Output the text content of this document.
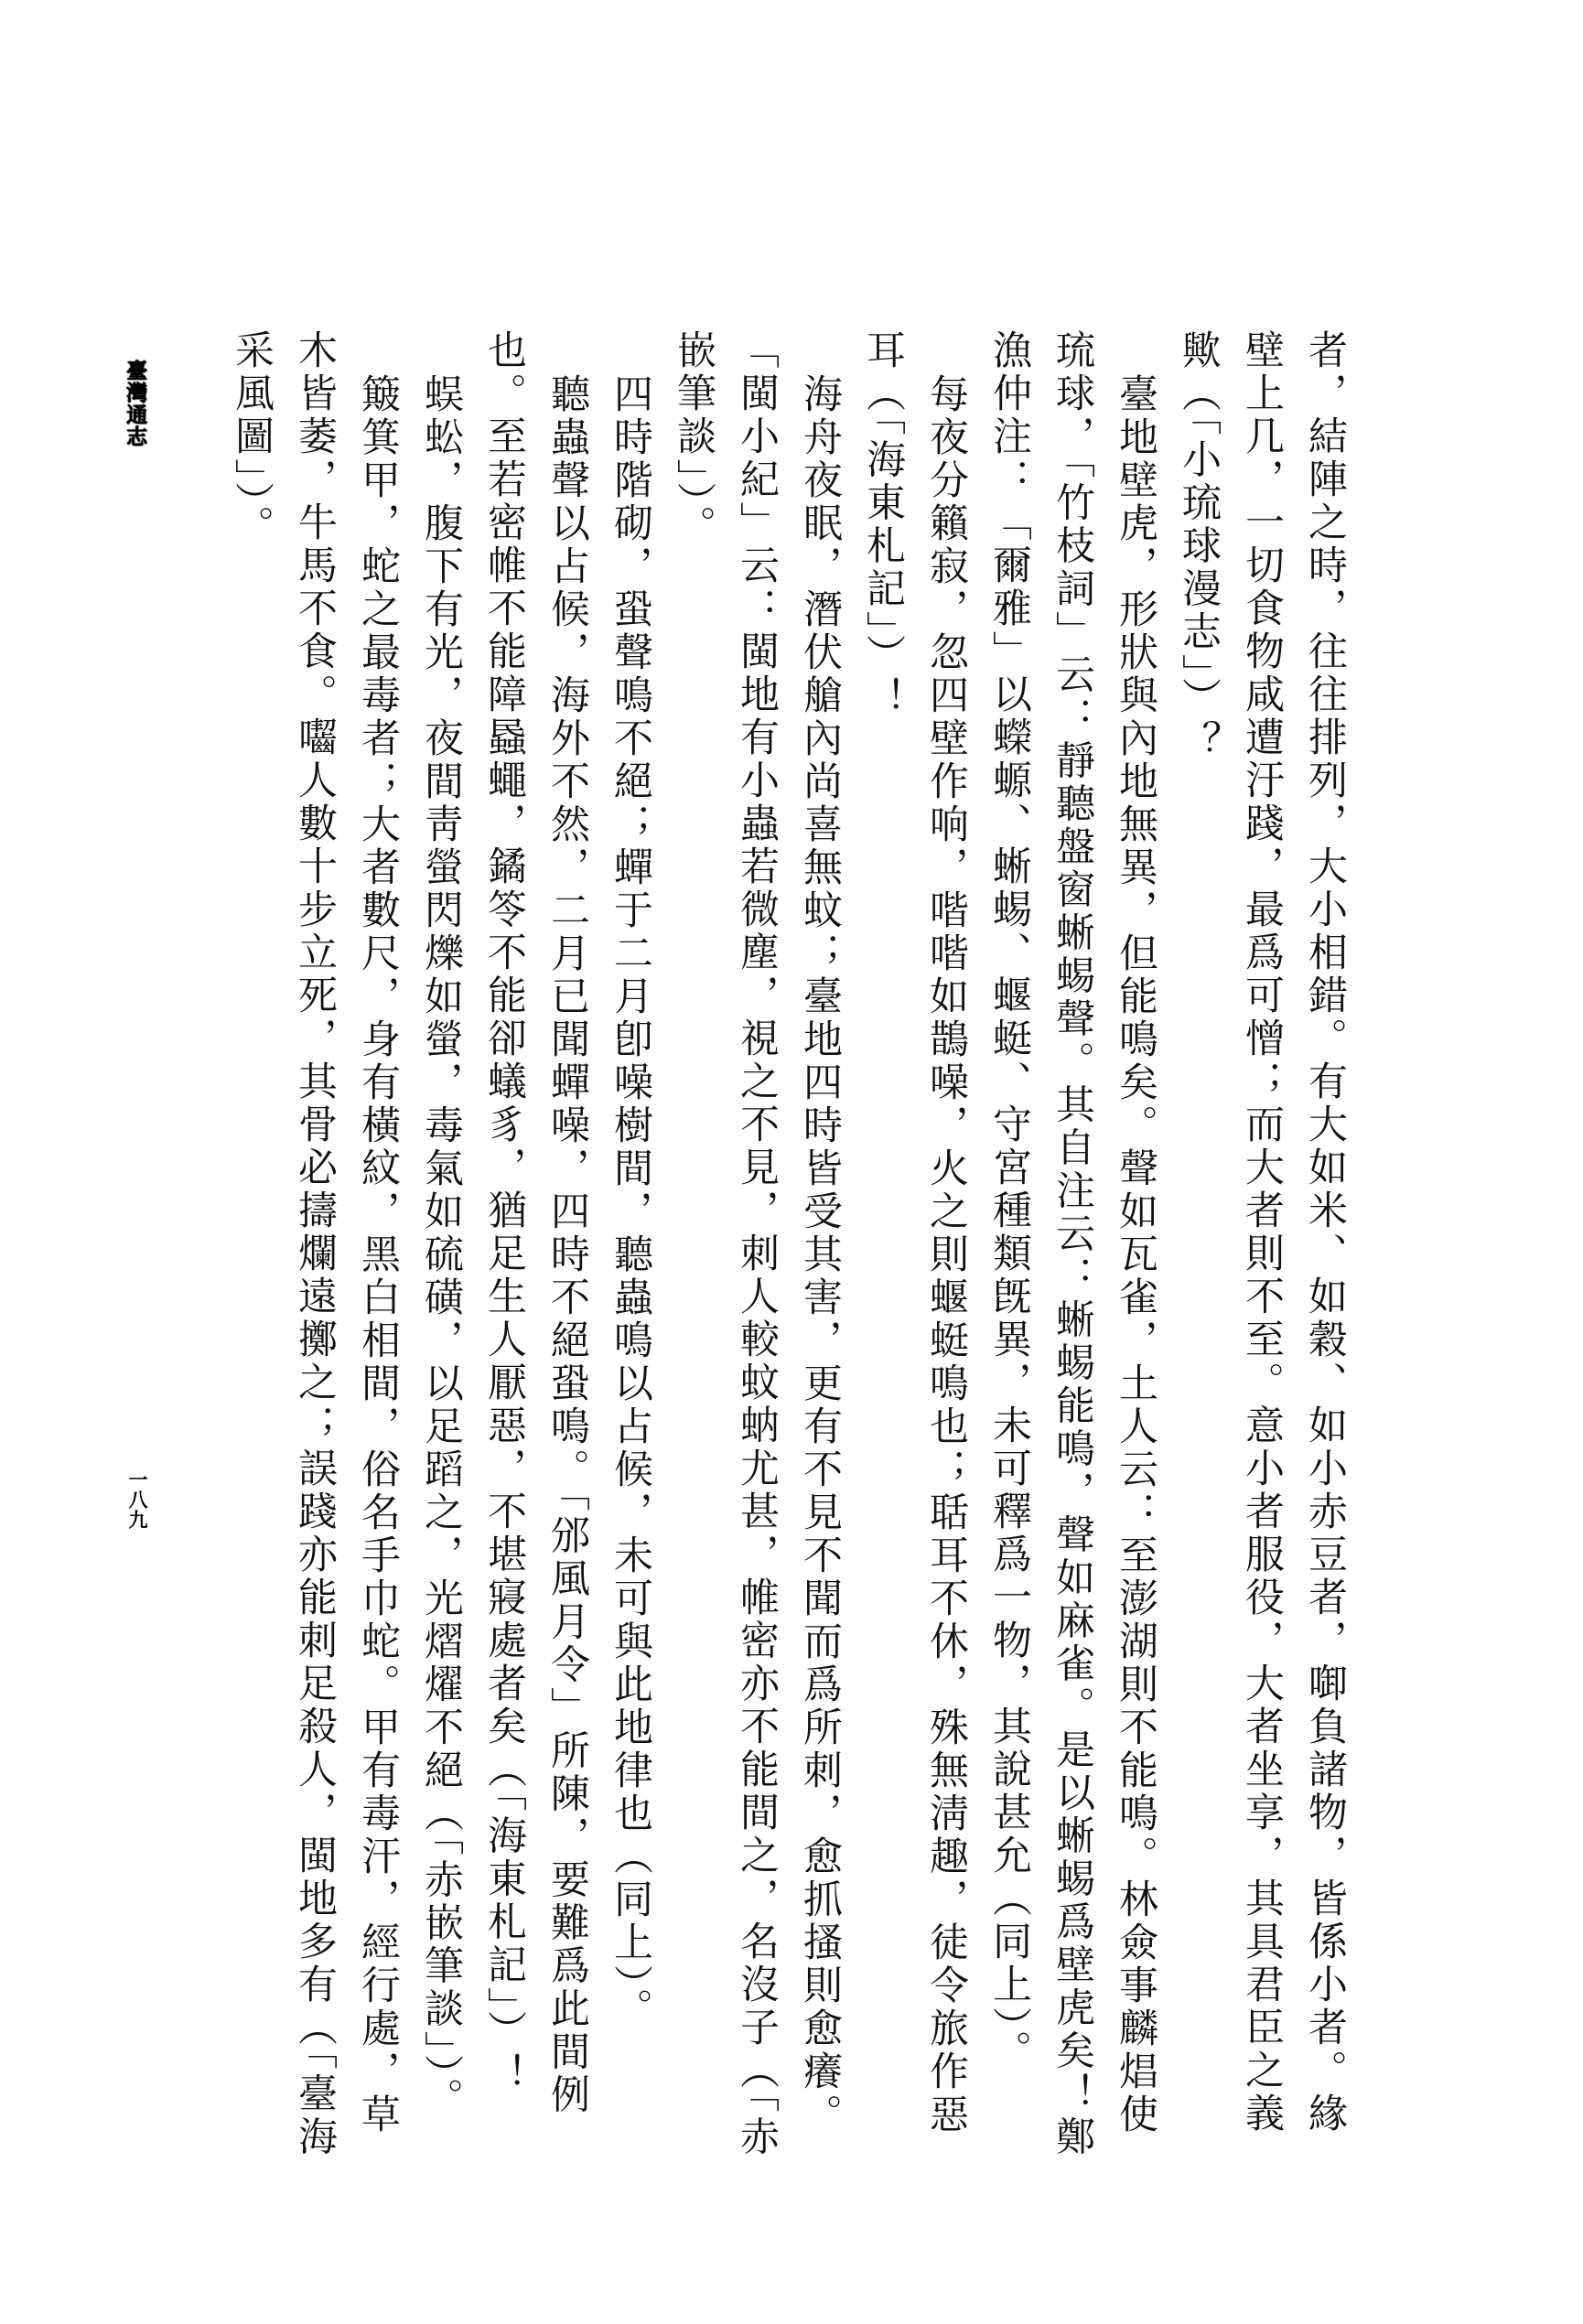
臺灣通志
一八九	者，結陣之時，往往排列，大小相錯。有大如米、如穀、如小赤豆者，啣負諸物，皆係小者。緣壁上几，一切食物咸遭汙踐，最爲可憎；而大者則不至。意小者服役，大者坐享，其具君臣之義歟（「小琉球漫志」）？

臺地壁虎，形狀與內地無異，但能鳴矣。聲如瓦雀，土人云：至澎湖則不能鳴。林僉事麟焻使琉球，「竹枝詞」云：靜聽盤窗蜥蜴聲。其自注云：蜥蜴能鳴，聲如麻雀。是以蜥蜴爲壁虎矣！鄭漁仲注：「爾雅」以蠑螈、蜥蜴、蝘蜓、守宮種類旣異，未可釋爲一物，其說甚允（同上）。

每夜分籟寂，忽四壁作响，喈喈如鵲噪，火之則蝘蜓鳴也；聒耳不休，殊無淸趣，徒令旅作惡耳（「海東札記」）！

海舟夜眠，潛伏艙內尚喜無蚊；臺地四時皆受其害，更有不見不聞而爲所刺，愈抓搔則愈癢。「閩小紀」云：閩地有小蟲若微塵，視之不見，刺人較蚊蚋尤甚，帷密亦不能間之，名沒子（「赤嵌筆談」）。

四時階砌，蛩聲鳴不絕；蟬于二月卽噪樹間，聽蟲鳴以占候，未可與此地律也（同上）。

聽蟲聲以占候，海外不然，二月已聞蟬噪，四時不絕蛩鳴。「邠風月令」所陳，要難爲此間例也。至若密帷不能障蟁蠅，鐍笭不能卻蟻豸，猶足生人厭惡，不堪寢處者矣（「海東札記」）！

蜈蚣，腹下有光，夜間靑螢閃爍如螢，毒氣如硫磺，以足蹈之，光熠燿不絕（「赤嵌筆談」）。

簸箕甲，蛇之最毒者；大者數尺，身有橫紋，黑白相間，俗名手巾蛇。甲有毒汗，經行處，草木皆萎，牛馬不食。囓人數十步立死，其骨必擣爛遠擲之；誤踐亦能刺足殺人，閩地多有（「臺海采風圖」）。
